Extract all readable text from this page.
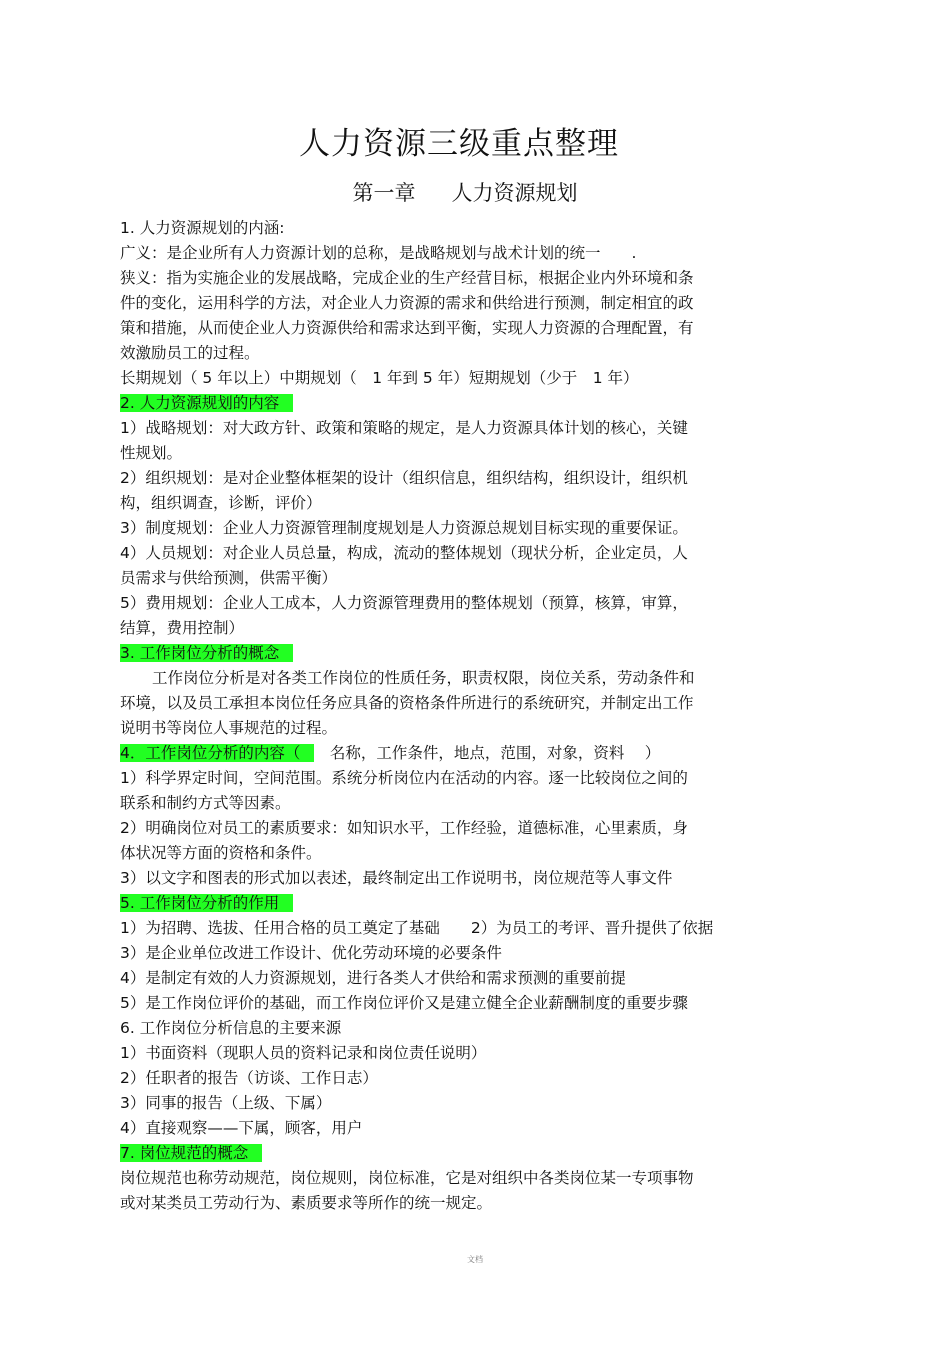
人力资源三级重点整理
第一章 人力资源规划
1. 人力资源规划的内涵:
广义：是企业所有人力资源计划的总称，是战略规划与战术计划的统一　　.
狭义：指为实施企业的发展战略，完成企业的生产经营目标，根据企业内外环境和条
件的变化，运用科学的方法，对企业人力资源的需求和供给进行预测，制定相宜的政
策和措施，从而使企业人力资源供给和需求达到平衡，实现人力资源的合理配置，有
效激励员工的过程。
长期规划（ 5 年以上）中期规划（　1 年到 5 年）短期规划（少于　1 年）
2. 人力资源规划的内容
1）战略规划：对大政方针、政策和策略的规定，是人力资源具体计划的核心，关键
性规划。
2）组织规划：是对企业整体框架的设计（组织信息，组织结构，组织设计，组织机
构，组织调查，诊断，评价）
3）制度规划：企业人力资源管理制度规划是人力资源总规划目标实现的重要保证。
4）人员规划：对企业人员总量，构成，流动的整体规划（现状分析，企业定员，人
员需求与供给预测，供需平衡）
5）费用规划：企业人工成本，人力资源管理费用的整体规划（预算，核算，审算，
结算，费用控制）
3. 工作岗位分析的概念
工作岗位分析是对各类工作岗位的性质任务，职责权限，岗位关系，劳动条件和
环境，以及员工承担本岗位任务应具备的资格条件所进行的系统研究，并制定出工作
说明书等岗位人事规范的过程。
4．工作岗位分析的内容（　名称，工作条件，地点，范围，对象，资料　 ）
1）科学界定时间，空间范围。系统分析岗位内在活动的内容。逐一比较岗位之间的
联系和制约方式等因素。
2）明确岗位对员工的素质要求：如知识水平，工作经验，道德标准，心里素质，身
体状况等方面的资格和条件。
3）以文字和图表的形式加以表述，最终制定出工作说明书，岗位规范等人事文件
5. 工作岗位分析的作用
1）为招聘、选拔、任用合格的员工奠定了基础　　2）为员工的考评、晋升提供了依据
3）是企业单位改进工作设计、优化劳动环境的必要条件
4）是制定有效的人力资源规划，进行各类人才供给和需求预测的重要前提
5）是工作岗位评价的基础，而工作岗位评价又是建立健全企业薪酬制度的重要步骤
6. 工作岗位分析信息的主要来源
1）书面资料（现职人员的资料记录和岗位责任说明）
2）任职者的报告（访谈、工作日志）
3）同事的报告（上级、下属）
4）直接观察——下属，顾客，用户
7. 岗位规范的概念
岗位规范也称劳动规范，岗位规则，岗位标准，它是对组织中各类岗位某一专项事物
或对某类员工劳动行为、素质要求等所作的统一规定。
文档
